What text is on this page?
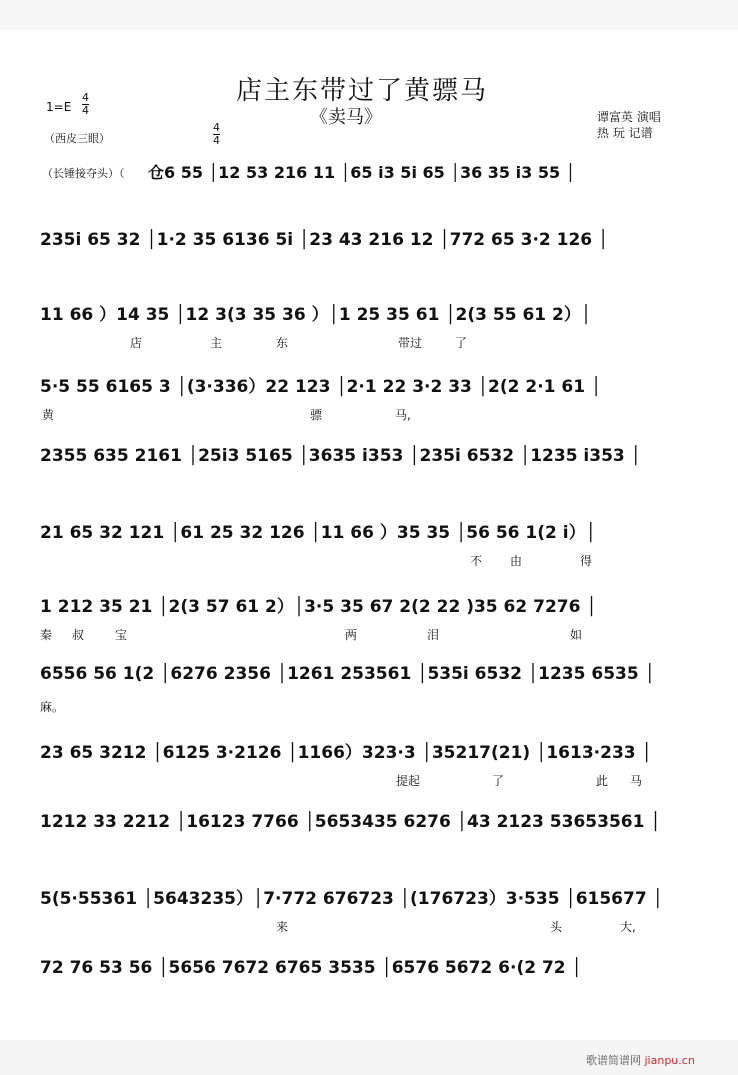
店主东带过了黄骠马
《卖马》
$1=E \frac{4}{4}$
（西皮三眼）
谭富英 演唱
热 玩 记谱
$\frac{4}{4}$
（长锤接夺头）（ 仓6 55 │12 53 216 11 │65 i3 5i 65 │36 35 i3 55 │
235i 65 32 │1·2 35 6136 5i │23 43 216 12 │772 65 3·2 126 │
11 66 ）14 35 │12 3(3 35 36 ）│1 25 35 61 │2(3 55 61 2）│
店	主	东	带过	了
5·5 55 6165 3 │(3·336）22 123 │2·1 22 3·2 33 │2(2 2·1 61 │
黄	骠	马,
2355 635 2161 │25i3 5165 │3635 i353 │235i 6532 │1235 i353 │
21 65 32 121 │61 25 32 126 │11 66 ）35 35 │56 56 1(2 i）│
不 由	得
1 212 35 21 │2(3 57 61 2）│3·5 35 67 2(2 22 )35 62 7276 │
秦 叔	宝	两	泪	如
6556 56 1(2 │6276 2356 │1261 253561 │535i 6532 │1235 6535 │
麻。
23 65 3212 │6125 3·2126 │1166）323·3 │35217(21) │1613·233 │
提起	了	此 马
1212 33 2212 │16123 7766 │5653435 6276 │43 2123 53653561 │
5(5·55361 │5643235）│7·772 676723 │(176723）3·535 │615677 │
来	头	大,
72 76 53 56 │5656 7672 6765 3535 │6576 5672 6·(2 72 │
歌谱简谱网 jianpu.cn
